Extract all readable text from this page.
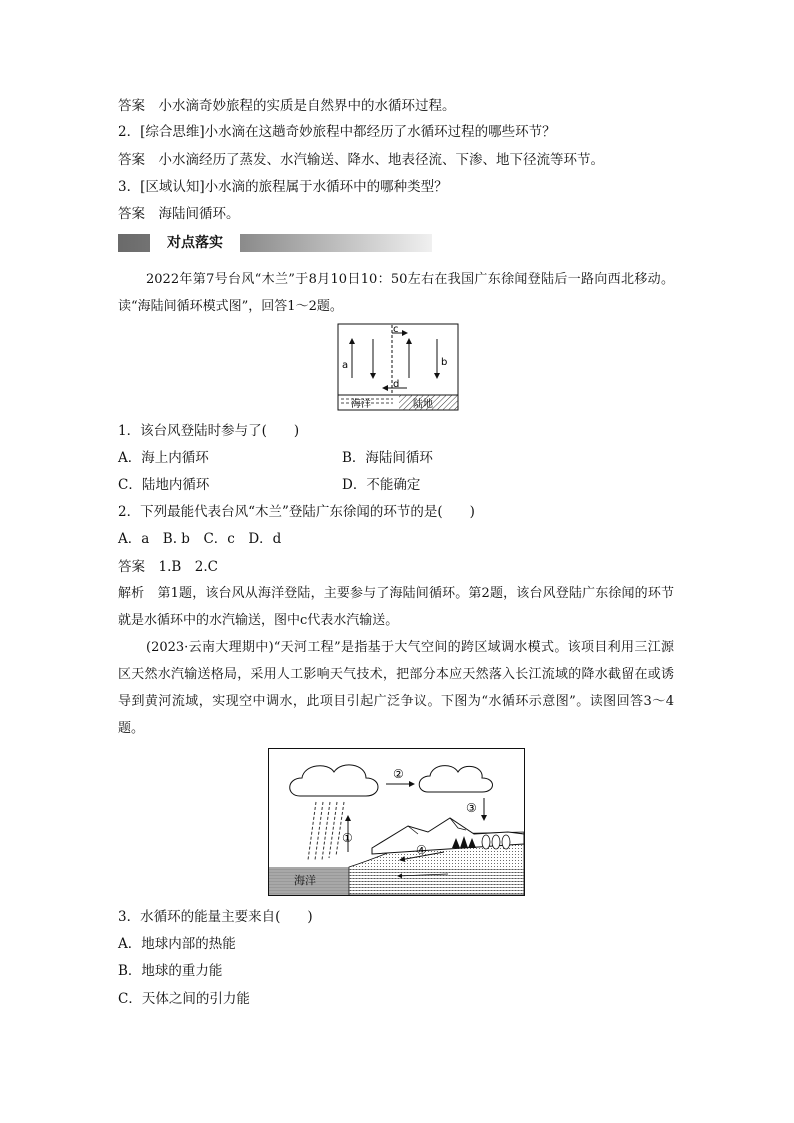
答案　 小水滴奇妙旅程的实质是自然界中的水循环过程。
2．[综合思维]小水滴在这趟奇妙旅程中都经历了水循环过程的哪些环节？
答案　 小水滴经历了蒸发、水汽输送、降水、地表径流、下渗、地下径流等环节。
3．[区域认知]小水滴的旅程属于水循环中的哪种类型？
答案　 海陆间循环。
对点落实
2022年第7号台风“木兰”于8月10日10：50左右在我国广东徐闻登陆后一路向西北移动。读“海陆间循环模式图”，回答1～2题。
a	b
c
d
海洋	陆地
1．该台风登陆时参与了(　　)
A．海上内循环	B．海陆间循环
C．陆地内循环	D．不能确定
2．下列最能代表台风“木兰”登陆广东徐闻的环节的是(　　)
A．a　B. b　C．c　D．d
答案　 1.B　2.C
解析　 第1题，该台风从海洋登陆，主要参与了海陆间循环。第2题，该台风登陆广东徐闻的环节就是水循环中的水汽输送，图中c代表水汽输送。
(2023·云南大理期中)“天河工程”是指基于大气空间的跨区域调水模式。该项目利用三江源区天然水汽输送格局，采用人工影响天气技术，把部分本应天然落入长江流域的降水截留在或诱导到黄河流域，实现空中调水，此项目引起广泛争议。下图为“水循环示意图”。读图回答3～4题。
①
②
③
④
海洋
3．水循环的能量主要来自(　　)
A．地球内部的热能
B．地球的重力能
C．天体之间的引力能
